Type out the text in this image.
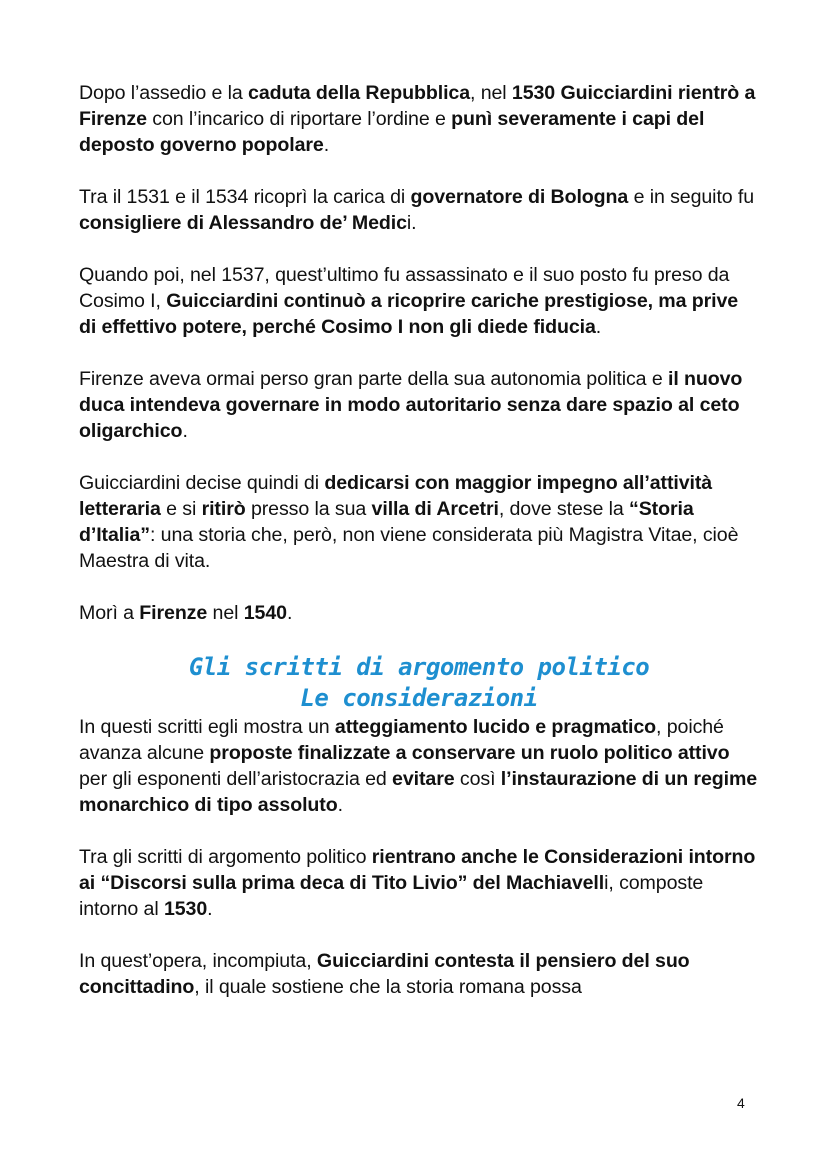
Dopo l’assedio e la caduta della Repubblica, nel 1530 Guicciardini rientrò a Firenze con l’incarico di riportare l’ordine e punì severamente i capi del deposto governo popolare.

Tra il 1531 e il 1534 ricoprì la carica di governatore di Bologna e in seguito fu consigliere di Alessandro de’ Medici.

Quando poi, nel 1537, quest’ultimo fu assassinato e il suo posto fu preso da Cosimo I, Guicciardini continuò a ricoprire cariche prestigiose, ma prive di effettivo potere, perché Cosimo I non gli diede fiducia.

Firenze aveva ormai perso gran parte della sua autonomia politica e il nuovo duca intendeva governare in modo autoritario senza dare spazio al ceto oligarchico.

Guicciardini decise quindi di dedicarsi con maggior impegno all’attività letteraria e si ritirò presso la sua villa di Arcetri, dove stese la “Storia d’Italia”: una storia che, però, non viene considerata più Magistra Vitae, cioè Maestra di vita.

Morì a Firenze nel 1540.

Gli scritti di argomento politico
Le considerazioni

In questi scritti egli mostra un atteggiamento lucido e pragmatico, poiché avanza alcune proposte finalizzate a conservare un ruolo politico attivo per gli esponenti dell’aristocrazia ed evitare così l’instaurazione di un regime monarchico di tipo assoluto.

Tra gli scritti di argomento politico rientrano anche le Considerazioni intorno ai “Discorsi sulla prima deca di Tito Livio” del Machiavelli, composte intorno al 1530.

In quest’opera, incompiuta, Guicciardini contesta il pensiero del suo concittadino, il quale sostiene che la storia romana possa

4
